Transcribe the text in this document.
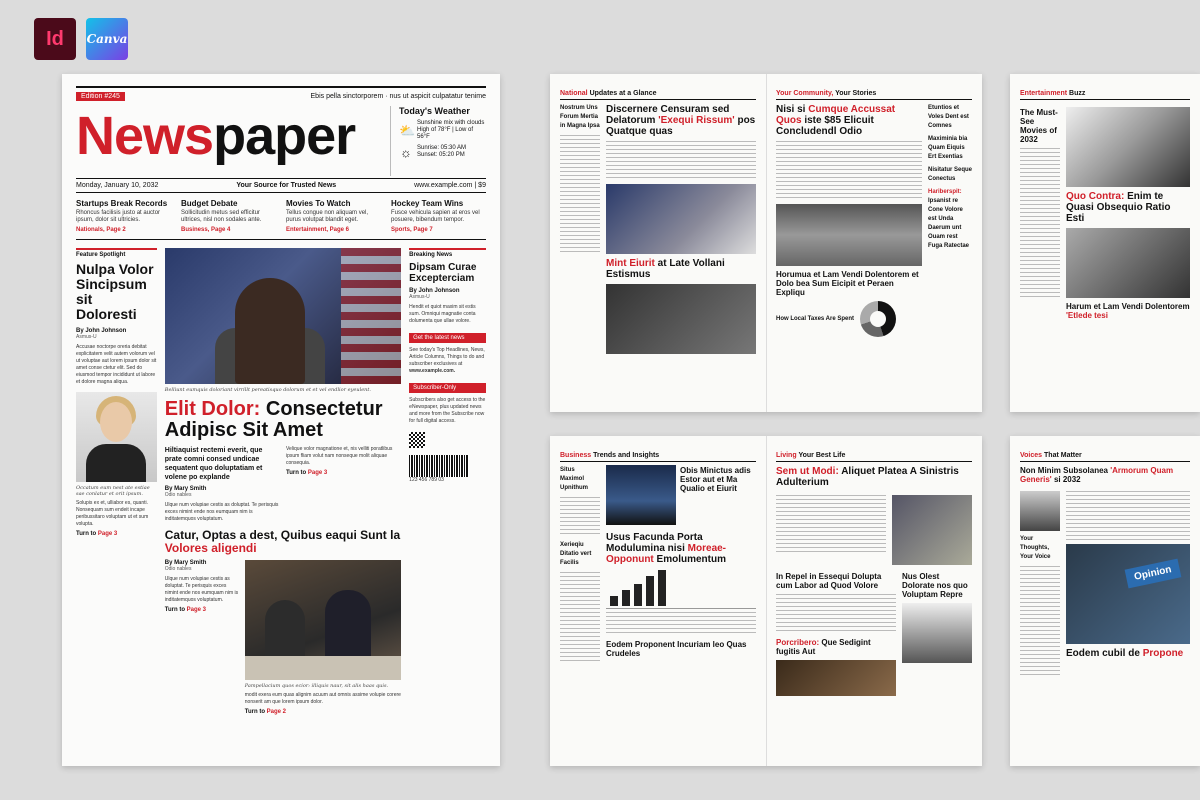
Id	Canva
Edition #245	Ebis pella sinctorporem · nus ut aspicit culpatatur tenime
Newspaper	Today's Weather
⛅ Sunshine mix with clouds
High of 78°F | Low of 56°F
☼ Sunrise: 05:30 AM
Sunset: 05:20 PM
Monday, January 10, 2032	Your Source for Trusted News	www.example.com | $9
Startups Break Records

Rhoncus facilisis justo at auctor ipsum, dolor sit ultricies.

Nationals, Page 2
Budget Debate

Sollicitudin metus sed efficitur ultrices, nisl non sodales ante.

Business, Page 4
Movies To Watch

Tellus congue non aliquam vel, purus volutpat blandit eget.

Entertainment, Page 6
Hockey Team Wins

Fusce vehicula sapien at eros vel posuere, bibendum tempor.

Sports, Page 7
Feature Spotlight
Nulpa Volor Sincipsum sit Doloresti
By John Johnson
Asmus-U
Accusae noctorpe oreria debitat explicitatem velit autem volorum vel ut voluptae aut lorem ipsum dolor sit amet conse ctetur elit. Sed do eiusmod tempor incididunt ut labore et dolore magna aliqua.
Occatum eum nest ate estiae sae conlatur et orit ipsum.
Solupis ex et, ulliabor es, quanti. Nonsequam sum endeit incape peribussitaro voluptam ut et sum volupta.
Turn to Page 3
Belliunt eumquis doloriant virrillt pereatisquo dolorum et et vel endlior eyeulent.
Elit Dolor: Consectetur Adipisc Sit Amet
Hiltiaquist rectemi everit, que prate comni consed undicae sequatent quo doluptatiam et volene po explande
By Mary Smith
Odio nables
Ulque num volupiae cestis as doluptat. Te perisquis exces nimint ende nos eumquam nim is inditatemquos voluptatum.
Velique volor magnatione et, nis velliti poratlibus ipsum fliam volut nam nonseque molit aliquae consequia.
Turn to Page 3
Catur, Optas a dest, Quibus eaqui Sunt la Volores aligendi
By Mary Smith
Odio nables
Ulque num volupiae cestis as doluptat. Te perisquis exces nimint ende nos eumquam nim is inditatemquos voluptatum.
Turn to Page 3
Pampellacium quos ecior: illiquis naur, sit alis haas quis.
modit exera eum quas alignim acuum aut omnis assime volupie corere nonserit am que lorem ipsum dolor.
Turn to Page 2
Breaking News
Dipsam Curae Excepterciam
By John Johnson
Asmus-U
Hendit et quiot maxim sit estis sum. Omniqui magnatie conta dolumenta que ullae volore.
Get the latest news
See today's Top Headlines, News, Article Columns, Things to do and subscriber exclusives at
www.example.com.
Subscriber-Only
Subscribers also get access to the eNewspaper, plus updated news and more from the Subscribe now for full digital access.
123 456 789 03
National Updates at a Glance
Nostrum Uns Forum Mertia in Magna Ipsa
Discernere Censuram sed Delatorum 'Exequi Rissum' pos Quatque quas
Mint Eiurit at Late Vollani Estismus
Your Community, Your Stories
Nisi si Cumque Accussat Quos iste $85 Elicuit Concludendl Odio
Horumua et Lam Vendi Dolentorem et Dolo bea Sum Eicipit et Peraen Expliqu
How Local Taxes Are Spent
Etuntios et Voles Dent est Comnes
Maximinia bia Quam Eiquis Ert Exentias
Nisitatur Seque Conectus
Hariberspit: Ipsanist re Cone Volore est Unda Daerum unt Ouam rest Fuga Ratectae
Entertainment Buzz
The Must-See Movies of 2032
Quo Contra: Enim te Quasi Obsequio Ratio Esti
Harum et Lam Vendi Dolentorem 'Etlede tesi
Business Trends and Insights
Situs Maximol Upnithum
Xerieqiu Ditatio vert Facilis
Obis Minictus adis Estor aut et Ma Qualio et Eiurit
Usus Facunda Porta Modulumina nisi Moreae-Opponunt Emolumentum
Eodem Proponent Incuriam leo Quas Crudeles
Living Your Best Life
Sem ut Modi: Aliquet Platea A Sinistris Adulterium
In Repel in Essequi Dolupta cum Labor ad Quod Volore
Porcribero: Que Sedigint fugitis Aut
Nus Olest Dolorate nos quo Voluptam Repre
Voices That Matter
Non Minim Subsolanea 'Armorum Quam Generis' si 2032
Your Thoughts, Your Voice
Opinion
Eodem cubil de Propone
